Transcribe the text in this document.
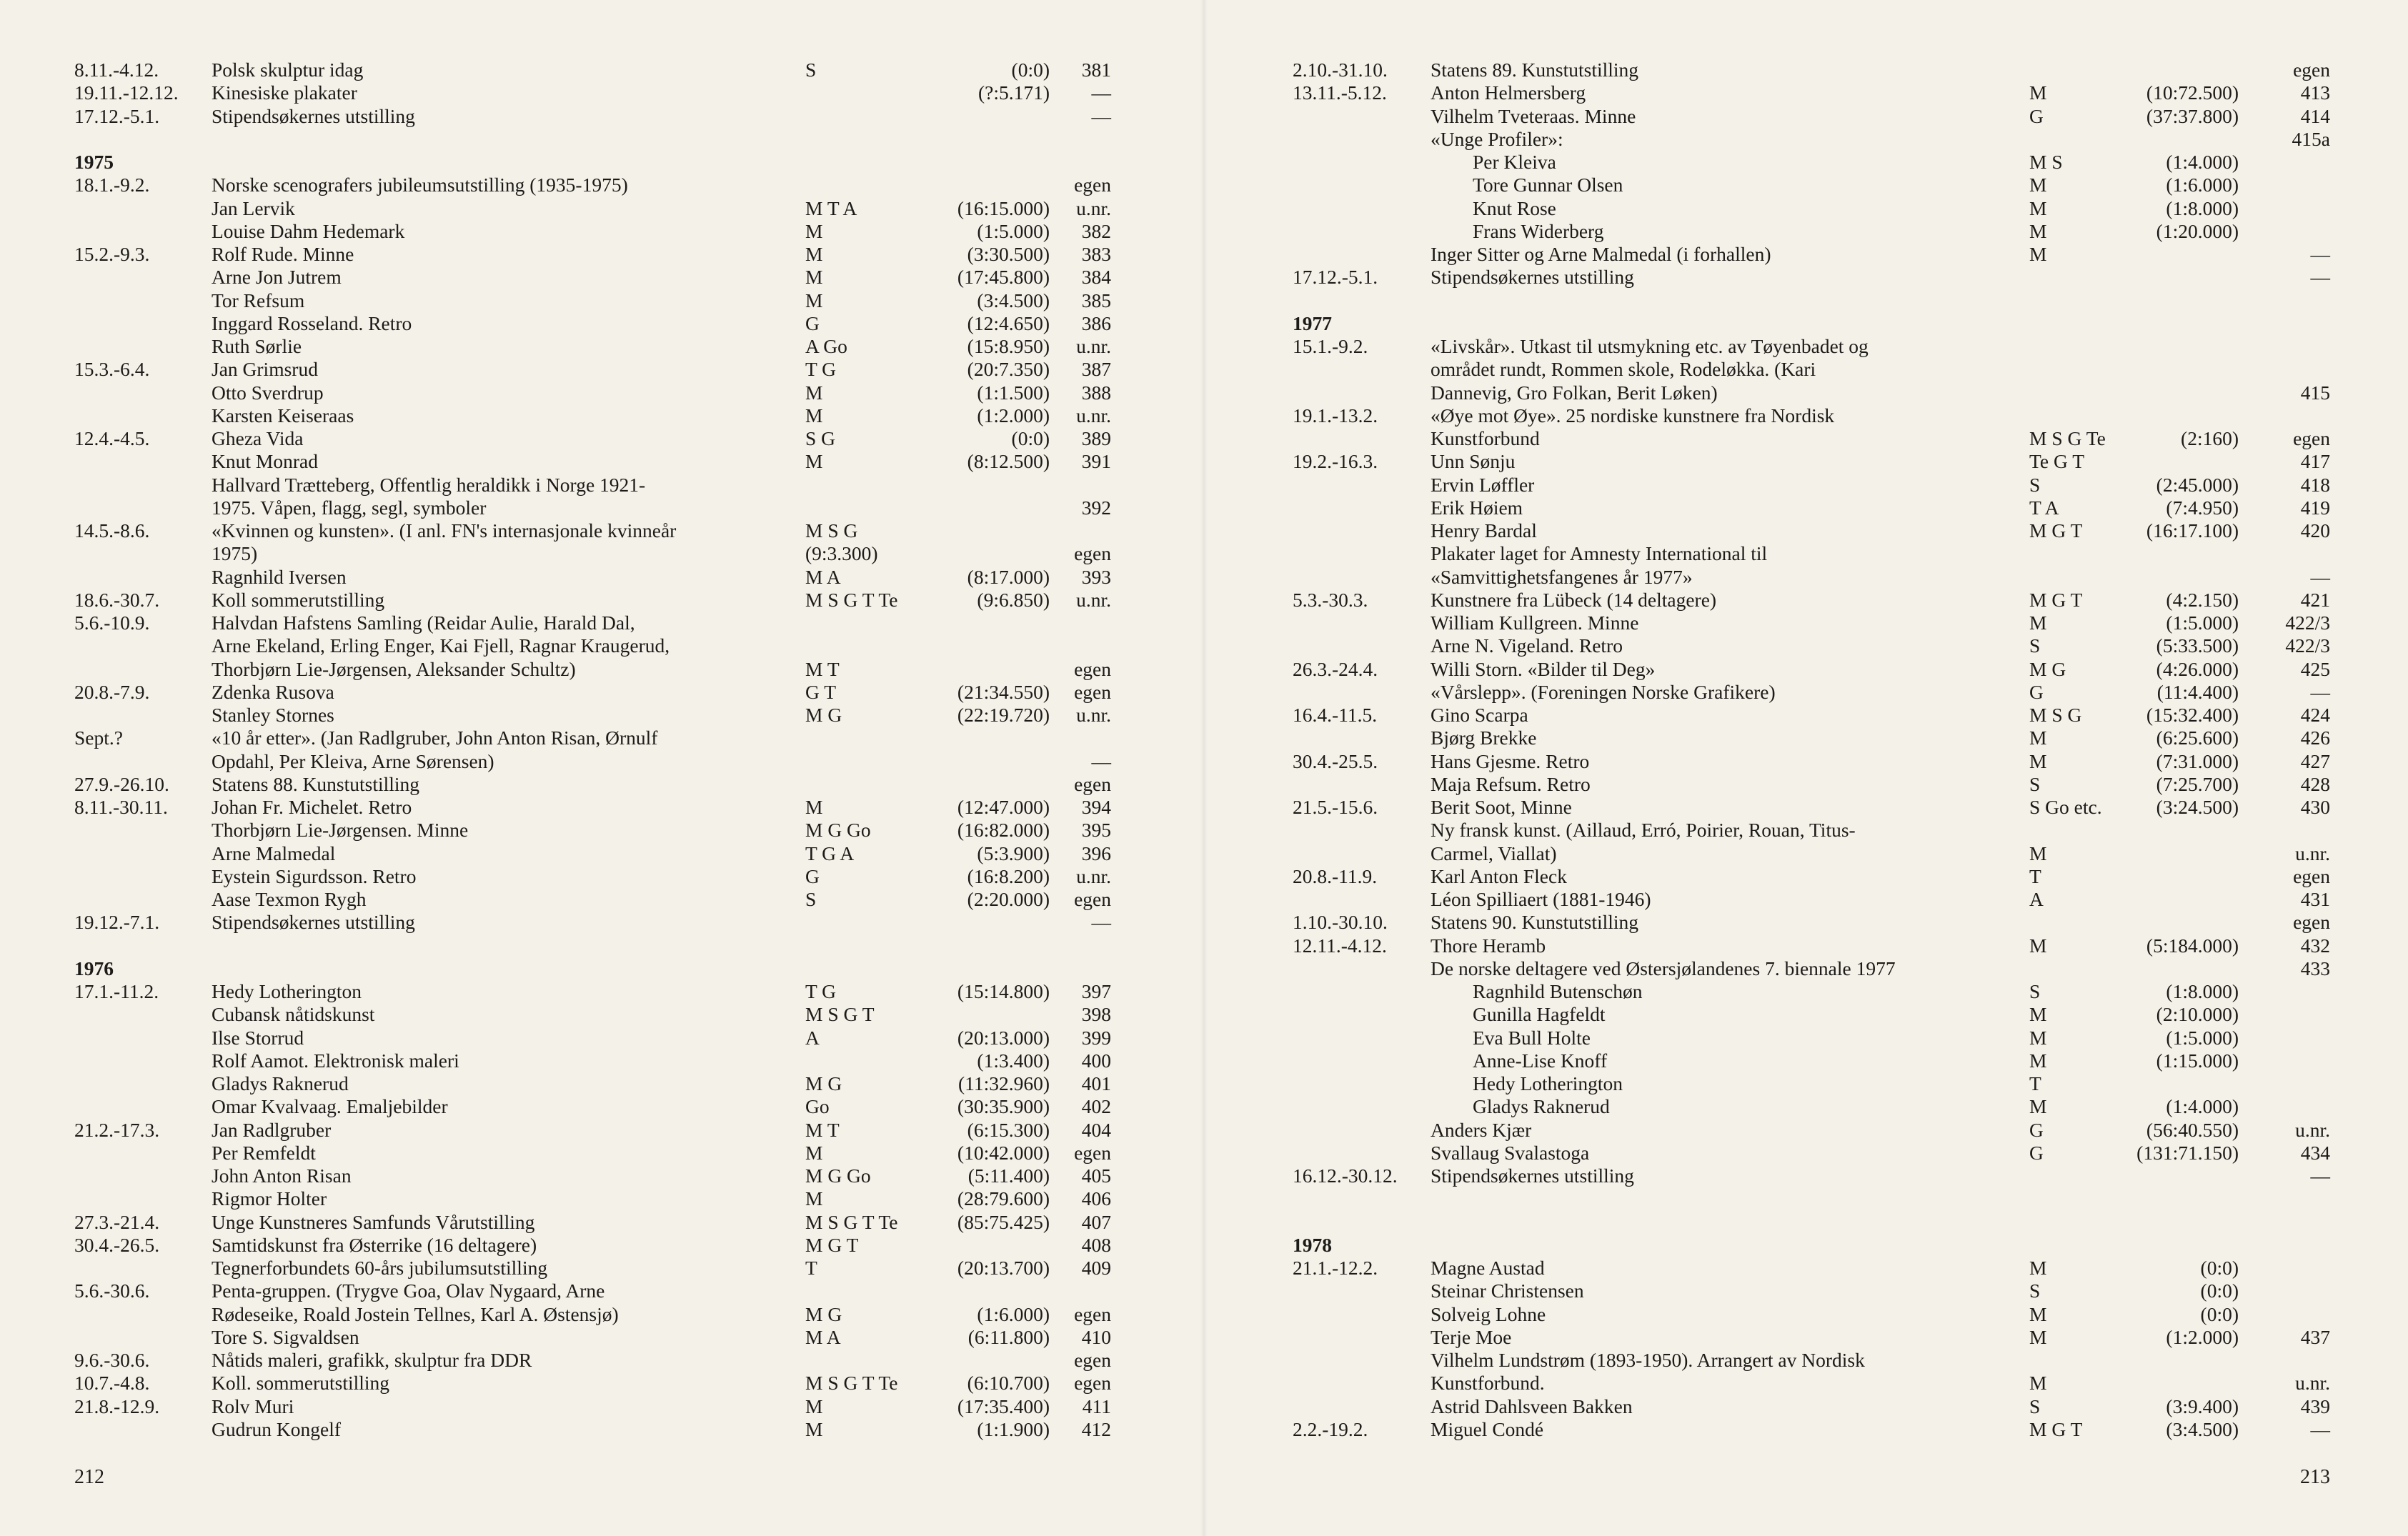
8.11.-4.12.	Polsk skulptur idag	S	(0:0) 381
19.11.-12.12. Kinesiske plakater	(?:5.171) —
17.12.-5.1.	Stipendsøkernes utstilling	—
1975
18.1.-9.2.	Norske scenografers jubileumsutstilling (1935-1975)	egen
Jan Lervik	M T A	(16:15.000) u.nr.
Louise Dahm Hedemark	M	(1:5.000) 382
15.2.-9.3.	Rolf Rude. Minne	M	(3:30.500) 383
Arne Jon Jutrem	M	(17:45.800) 384
Tor Refsum	M	(3:4.500) 385
Inggard Rosseland. Retro	G	(12:4.650) 386
Ruth Sørlie	A Go	(15:8.950) u.nr.
15.3.-6.4.	Jan Grimsrud	T G	(20:7.350) 387
Otto Sverdrup	M	(1:1.500) 388
Karsten Keiseraas	M	(1:2.000) u.nr.
12.4.-4.5.	Gheza Vida	S G	(0:0) 389
Knut Monrad	M	(8:12.500) 391
Hallvard Trætteberg, Offentlig heraldikk i Norge 1921-
1975. Våpen, flagg, segl, symboler	392
14.5.-8.6.	«Kvinnen og kunsten». (I anl. FN's internasjonale kvinneår	M S G
1975)	(9:3.300)	egen
Ragnhild Iversen	M A	(8:17.000) 393
18.6.-30.7.	Koll sommerutstilling	M S G T Te	(9:6.850) u.nr.
5.6.-10.9.	Halvdan Hafstens Samling (Reidar Aulie, Harald Dal,
Arne Ekeland, Erling Enger, Kai Fjell, Ragnar Kraugerud,
Thorbjørn Lie-Jørgensen, Aleksander Schultz)	M T	egen
20.8.-7.9.	Zdenka Rusova	G T	(21:34.550) egen
Stanley Stornes	M G	(22:19.720) u.nr.
Sept.?	«10 år etter». (Jan Radlgruber, John Anton Risan, Ørnulf
Opdahl, Per Kleiva, Arne Sørensen)	—
27.9.-26.10. Statens 88. Kunstutstilling	egen
8.11.-30.11. Johan Fr. Michelet. Retro	M	(12:47.000) 394
Thorbjørn Lie-Jørgensen. Minne	M G Go	(16:82.000) 395
Arne Malmedal	T G A	(5:3.900) 396
Eystein Sigurdsson. Retro	G	(16:8.200) u.nr.
Aase Texmon Rygh	S	(2:20.000) egen
19.12.-7.1.	Stipendsøkernes utstilling	—
1976
17.1.-11.2.	Hedy Lotherington	T G	(15:14.800) 397
Cubansk nåtidskunst	M S G T	398
Ilse Storrud	A	(20:13.000) 399
Rolf Aamot. Elektronisk maleri	(1:3.400) 400
Gladys Raknerud	M G	(11:32.960) 401
Omar Kvalvaag. Emaljebilder	Go	(30:35.900) 402
21.2.-17.3.	Jan Radlgruber	M T	(6:15.300) 404
Per Remfeldt	M	(10:42.000) egen
John Anton Risan	M G Go	(5:11.400) 405
Rigmor Holter	M	(28:79.600) 406
27.3.-21.4.	Unge Kunstneres Samfunds Vårutstilling	M S G T Te	(85:75.425) 407
30.4.-26.5.	Samtidskunst fra Østerrike (16 deltagere)	M G T	408
Tegnerforbundets 60-års jubilumsutstilling	T	(20:13.700) 409
5.6.-30.6.	Penta-gruppen. (Trygve Goa, Olav Nygaard, Arne
Rødeseike, Roald Jostein Tellnes, Karl A. Østensjø)	M G	(1:6.000) egen
Tore S. Sigvaldsen	M A	(6:11.800) 410
9.6.-30.6.	Nåtids maleri, grafikk, skulptur fra DDR	egen
10.7.-4.8.	Koll. sommerutstilling	M S G T Te	(6:10.700) egen
21.8.-12.9.	Rolv Muri	M	(17:35.400) 411
Gudrun Kongelf	M	(1:1.900) 412
212
2.10.-31.10. Statens 89. Kunstutstilling	egen
13.11.-5.12. Anton Helmersberg	M	(10:72.500)	413
Vilhelm Tveteraas. Minne	G	(37:37.800)	414
«Unge Profiler»:	415a
Per Kleiva	M S	(1:4.000)
Tore Gunnar Olsen	M	(1:6.000)
Knut Rose	M	(1:8.000)
Frans Widerberg	M	(1:20.000)
Inger Sitter og Arne Malmedal (i forhallen)	M	—
17.12.-5.1.	Stipendsøkernes utstilling	—
1977
15.1.-9.2.	«Livskår». Utkast til utsmykning etc. av Tøyenbadet og
området rundt, Rommen skole, Rodeløkka. (Kari
Dannevig, Gro Folkan, Berit Løken)	415
19.1.-13.2.	«Øye mot Øye». 25 nordiske kunstnere fra Nordisk
Kunstforbund	M S G Te	(2:160)	egen
19.2.-16.3.	Unn Sønju	Te G T	417
Ervin Løffler	S	(2:45.000)	418
Erik Høiem	T A	(7:4.950)	419
Henry Bardal	M G T	(16:17.100)	420
Plakater laget for Amnesty International til
«Samvittighetsfangenes år 1977»	—
5.3.-30.3.	Kunstnere fra Lübeck (14 deltagere)	M G T	(4:2.150)	421
William Kullgreen. Minne	M	(1:5.000) 422/3
Arne N. Vigeland. Retro	S	(5:33.500) 422/3
26.3.-24.4.	Willi Storn. «Bilder til Deg»	M G	(4:26.000)	425
«Vårslepp». (Foreningen Norske Grafikere)	G	(11:4.400)	—
16.4.-11.5.	Gino Scarpa	M S G	(15:32.400)	424
Bjørg Brekke	M	(6:25.600)	426
30.4.-25.5.	Hans Gjesme. Retro	M	(7:31.000)	427
Maja Refsum. Retro	S	(7:25.700)	428
21.5.-15.6.	Berit Soot, Minne	S Go etc.	(3:24.500)	430
Ny fransk kunst. (Aillaud, Erró, Poirier, Rouan, Titus-
Carmel, Viallat)	M	u.nr.
20.8.-11.9.	Karl Anton Fleck	T	egen
Léon Spilliaert (1881-1946)	A	431
1.10.-30.10. Statens 90. Kunstutstilling	egen
12.11.-4.12. Thore Heramb	M	(5:184.000)	432
De norske deltagere ved Østersjølandenes 7. biennale 1977	433
Ragnhild Butenschøn	S	(1:8.000)
Gunilla Hagfeldt	M	(2:10.000)
Eva Bull Holte	M	(1:5.000)
Anne-Lise Knoff	M	(1:15.000)
Hedy Lotherington	T
Gladys Raknerud	M	(1:4.000)
Anders Kjær	G	(56:40.550)	u.nr.
Svallaug Svalastoga	G	(131:71.150)	434
16.12.-30.12. Stipendsøkernes utstilling	—
1978
21.1.-12.2.	Magne Austad	M	(0:0)
Steinar Christensen	S	(0:0)
Solveig Lohne	M	(0:0)
Terje Moe	M	(1:2.000)	437
Vilhelm Lundstrøm (1893-1950). Arrangert av Nordisk
Kunstforbund.	M	u.nr.
Astrid Dahlsveen Bakken	S	(3:9.400)	439
2.2.-19.2.	Miguel Condé	M G T	(3:4.500)	—
213
